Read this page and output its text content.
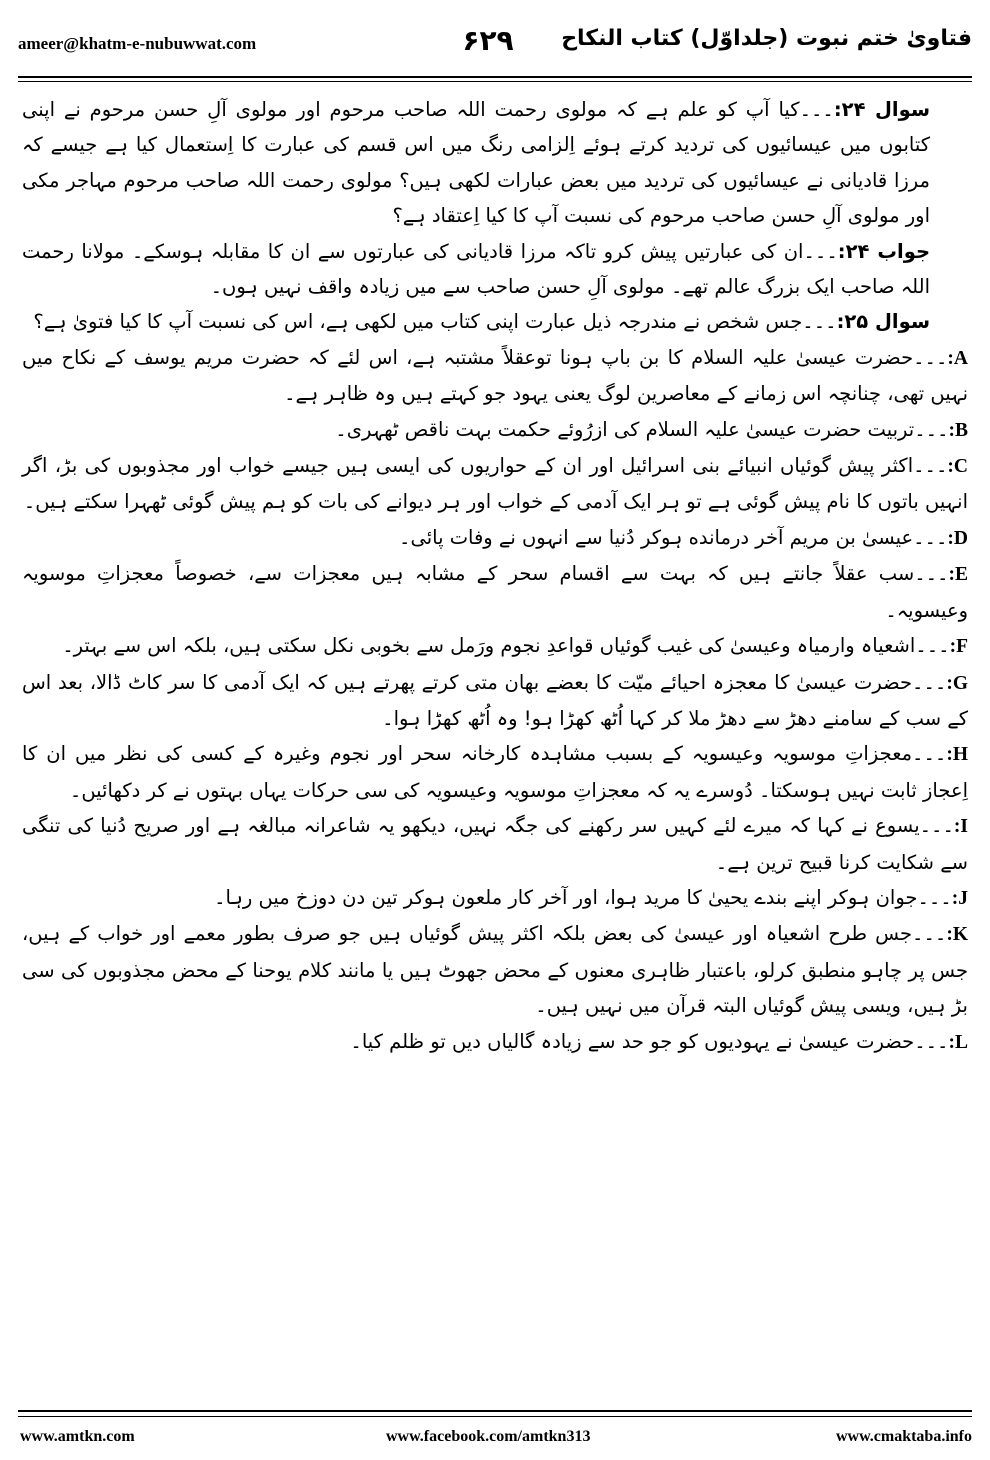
ameer@khatm-e-nubuwwat.com	۶۲۹	فتاویٰ ختم نبوت (جلداوّل) کتاب النکاح

سوال ۲۴:۔۔۔کیا آپ کو علم ہے کہ مولوی رحمت اللہ صاحب مرحوم اور مولوی آلِ حسن مرحوم نے اپنی کتابوں میں عیسائیوں کی تردید کرتے ہوئے اِلزامی رنگ میں اس قسم کی عبارت کا اِستعمال کیا ہے جیسے کہ مرزا قادیانی نے عیسائیوں کی تردید میں بعض عبارات لکھی ہیں؟ مولوی رحمت اللہ صاحب مرحوم مہاجر مکی اور مولوی آلِ حسن صاحب مرحوم کی نسبت آپ کا کیا اِعتقاد ہے؟

جواب ۲۴:۔۔۔ان کی عبارتیں پیش کرو تاکہ مرزا قادیانی کی عبارتوں سے ان کا مقابلہ ہوسکے۔ مولانا رحمت اللہ صاحب ایک بزرگ عالم تھے۔ مولوی آلِ حسن صاحب سے میں زیادہ واقف نہیں ہوں۔

سوال ۲۵:۔۔۔جس شخص نے مندرجہ ذیل عبارت اپنی کتاب میں لکھی ہے، اس کی نسبت آپ کا کیا فتویٰ ہے؟

A:۔۔۔حضرت عیسیٰ علیہ السلام کا بن باپ ہونا توعقلاً مشتبہ ہے، اس لئے کہ حضرت مریم یوسف کے نکاح میں نہیں تھی، چنانچہ اس زمانے کے معاصرین لوگ یعنی یہود جو کہتے ہیں وہ ظاہر ہے۔

B:۔۔۔تربیت حضرت عیسیٰ علیہ السلام کی ازرُوئے حکمت بہت ناقص ٹھہری۔

C:۔۔۔اکثر پیش گوئیاں انبیائے بنی اسرائیل اور ان کے حواریوں کی ایسی ہیں جیسے خواب اور مجذوبوں کی بڑ، اگر انہیں باتوں کا نام پیش گوئی ہے تو ہر ایک آدمی کے خواب اور ہر دیوانے کی بات کو ہم پیش گوئی ٹھہرا سکتے ہیں۔

D:۔۔۔عیسیٰ بن مریم آخر درمانده ہوکر دُنیا سے انہوں نے وفات پائی۔

E:۔۔۔سب عقلاً جانتے ہیں کہ بہت سے اقسام سحر کے مشابہ ہیں معجزات سے، خصوصاً معجزاتِ موسویہ وعیسویہ۔

F:۔۔۔اشعیاہ وارمیاہ وعیسیٰ کی غیب گوئیاں قواعدِ نجوم ورَمل سے بخوبی نکل سکتی ہیں، بلکہ اس سے بہتر۔

G:۔۔۔حضرت عیسیٰ کا معجزہ احیائے میّت کا بعضے بھان متی کرتے پھرتے ہیں کہ ایک آدمی کا سر کاٹ ڈالا، بعد اس کے سب کے سامنے دھڑ سے دھڑ ملا کر کہا اُٹھ کھڑا ہو! وہ اُٹھ کھڑا ہوا۔

H:۔۔۔معجزاتِ موسویہ وعیسویہ کے بسبب مشاہدہ کارخانہ سحر اور نجوم وغیرہ کے کسی کی نظر میں ان کا اِعجاز ثابت نہیں ہوسکتا۔ دُوسرے یہ کہ معجزاتِ موسویہ وعیسویہ کی سی حرکات یہاں بہتوں نے کر دکھائیں۔

I:۔۔۔یسوع نے کہا کہ میرے لئے کہیں سر رکھنے کی جگہ نہیں، دیکھو یہ شاعرانہ مبالغہ ہے اور صریح دُنیا کی تنگی سے شکایت کرنا قبیح ترین ہے۔

J:۔۔۔جوان ہوکر اپنے بندے یحییٰ کا مرید ہوا، اور آخر کار ملعون ہوکر تین دن دوزخ میں رہا۔

K:۔۔۔جس طرح اشعیاہ اور عیسیٰ کی بعض بلکہ اکثر پیش گوئیاں ہیں جو صرف بطور معمے اور خواب کے ہیں، جس پر چاہو منطبق کرلو، باعتبار ظاہری معنوں کے محض جھوٹ ہیں یا مانند کلام یوحنا کے محض مجذوبوں کی سی بڑ ہیں، ویسی پیش گوئیاں البتہ قرآن میں نہیں ہیں۔

L:۔۔۔حضرت عیسیٰ نے یہودیوں کو جو حد سے زیادہ گالیاں دیں تو ظلم کیا۔

www.amtkn.com	www.facebook.com/amtkn313	www.cmaktaba.info
